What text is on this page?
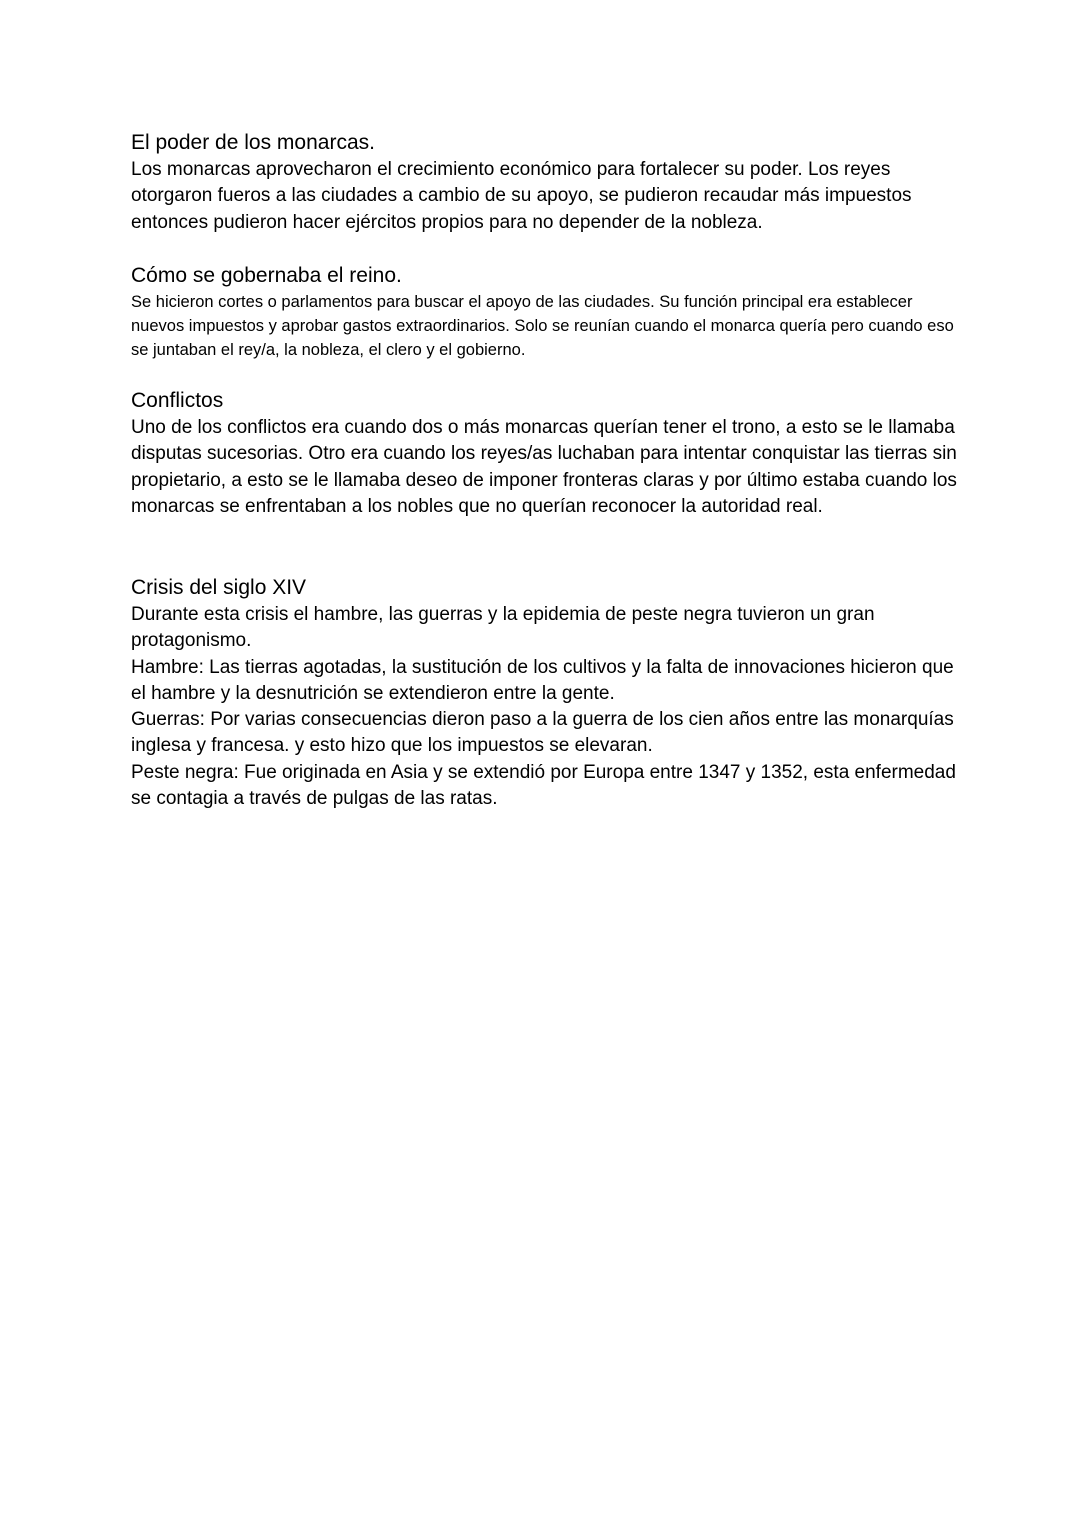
El poder de los monarcas.

Los monarcas aprovecharon el crecimiento económico para fortalecer su poder. Los reyes otorgaron fueros a las ciudades a cambio de su apoyo, se pudieron recaudar más impuestos entonces pudieron hacer ejércitos propios para no depender de la nobleza.

Cómo se gobernaba el reino.

Se hicieron cortes o parlamentos para buscar el apoyo de las ciudades. Su función principal era establecer nuevos impuestos y aprobar gastos extraordinarios. Solo se reunían cuando el monarca quería pero cuando eso se juntaban el rey/a, la nobleza, el clero y el gobierno.

Conflictos

Uno de los conflictos era cuando dos o más monarcas querían tener el trono, a esto se le llamaba disputas sucesorias. Otro era cuando los reyes/as luchaban para intentar conquistar las tierras sin propietario, a esto se le llamaba deseo de imponer fronteras claras y por último estaba cuando los monarcas se enfrentaban a los nobles que no querían reconocer la autoridad real.

Crisis del siglo XIV

Durante esta crisis el hambre, las guerras y la epidemia de peste negra tuvieron un gran protagonismo.

Hambre: Las tierras agotadas, la sustitución de los cultivos y la falta de innovaciones hicieron que el hambre y la desnutrición se extendieron entre la gente.

Guerras: Por varias consecuencias dieron paso a la guerra de los cien años entre las monarquías inglesa y francesa. y esto hizo que los impuestos se elevaran.

Peste negra: Fue originada en Asia y se extendió por Europa entre 1347 y 1352, esta enfermedad se contagia a través de pulgas de las ratas.
